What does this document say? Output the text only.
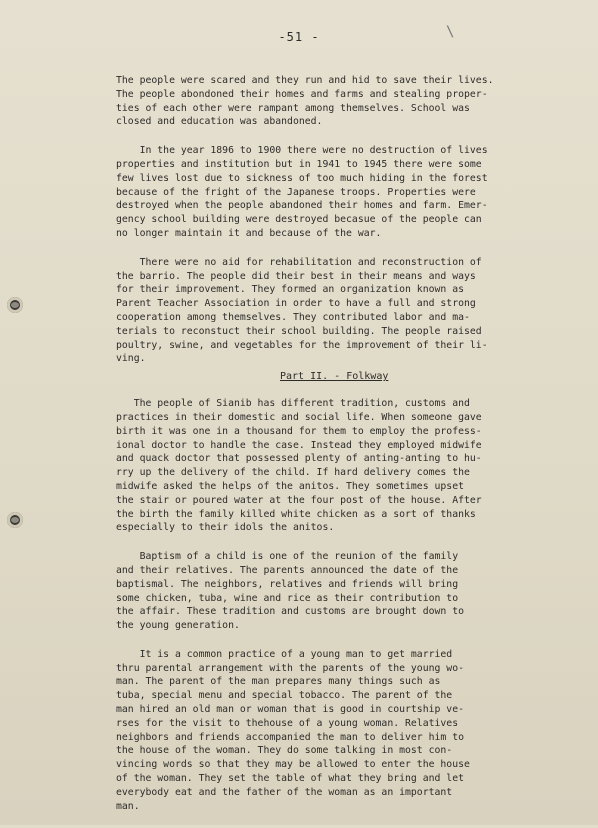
-51 -	\

The people were scared and they run and hid to save their lives.
The people abondoned their homes and farms and stealing proper-
ties of each other were rampant among themselves. School was
closed and education was abandoned.

In the year 1896 to 1900 there were no destruction of lives
properties and institution but in 1941 to 1945 there were some
few lives lost due to sickness of too much hiding in the forest
because of the fright of the Japanese troops. Properties were
destroyed when the people abandoned their homes and farm. Emer-
gency school building were destroyed becasue of the people can
no longer maintain it and because of the war.

There were no aid for rehabilitation and reconstruction of
the barrio. The people did their best in their means and ways
for their improvement. They formed an organization known as
Parent Teacher Association in order to have a full and strong
cooperation among themselves. They contributed labor and ma-
terials to reconstuct their school building. The people raised
poultry, swine, and vegetables for the improvement of their li-
ving.

The people of Sianib has different tradition, customs and
practices in their domestic and social life. When someone gave
birth it was one in a thousand for them to employ the profess-
ional doctor to handle the case. Instead they employed midwife
and quack doctor that possessed plenty of anting-anting to hu-
rry up the delivery of the child. If hard delivery comes the
midwife asked the helps of the anitos. They sometimes upset
the stair or poured water at the four post of the house. After
the birth the family killed white chicken as a sort of thanks
especially to their idols the anitos.

Baptism of a child is one of the reunion of the family
and their relatives. The parents announced the date of the
baptismal. The neighbors, relatives and friends will bring
some chicken, tuba, wine and rice as their contribution to
the affair. These tradition and customs are brought down to
the young generation.

It is a common practice of a young man to get married
thru parental arrangement with the parents of the young wo-
man. The parent of the man prepares many things such as
tuba, special menu and special tobacco. The parent of the
man hired an old man or woman that is good in courtship ve-
rses for the visit to thehouse of a young woman. Relatives
neighbors and friends accompanied the man to deliver him to
the house of the woman. They do some talking in most con-
vincing words so that they may be allowed to enter the house
of the woman. They set the table of what they bring and let
everybody eat and the father of the woman as an important
man.

Part II. - Folkway
